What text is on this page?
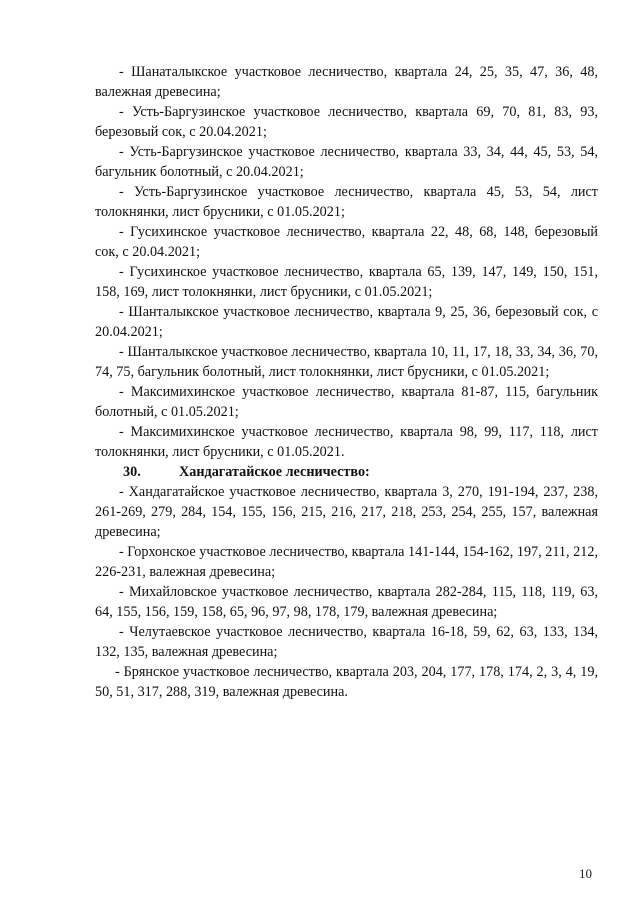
- Шанаталыкское участковое лесничество, квартала 24, 25, 35, 47, 36, 48, валежная древесина;

- Усть-Баргузинское участковое лесничество, квартала 69, 70, 81, 83, 93, березовый сок, с 20.04.2021;

- Усть-Баргузинское участковое лесничество, квартала 33, 34, 44, 45, 53, 54, багульник болотный, с 20.04.2021;

- Усть-Баргузинское участковое лесничество, квартала 45, 53, 54, лист толокнянки, лист брусники, с 01.05.2021;

- Гусихинское участковое лесничество, квартала 22, 48, 68, 148, березовый сок, с 20.04.2021;

- Гусихинское участковое лесничество, квартала 65, 139, 147, 149, 150, 151, 158, 169, лист толокнянки, лист брусники, с 01.05.2021;

- Шанталыкское участковое лесничество, квартала 9, 25, 36, березовый сок, с 20.04.2021;

- Шанталыкское участковое лесничество, квартала 10, 11, 17, 18, 33, 34, 36, 70, 74, 75, багульник болотный, лист толокнянки, лист брусники, с 01.05.2021;

- Максимихинское участковое лесничество, квартала 81-87, 115, багульник болотный, с 01.05.2021;

- Максимихинское участковое лесничество, квартала 98, 99, 117, 118, лист толокнянки, лист брусники, с 01.05.2021.

30.	Хандагатайское лесничество:

- Хандагатайское участковое лесничество, квартала 3, 270, 191-194, 237, 238, 261-269, 279, 284, 154, 155, 156, 215, 216, 217, 218, 253, 254, 255, 157, валежная древесина;

- Горхонское участковое лесничество, квартала 141-144, 154-162, 197, 211, 212, 226-231, валежная древесина;

- Михайловское участковое лесничество, квартала 282-284, 115, 118, 119, 63, 64, 155, 156, 159, 158, 65, 96, 97, 98, 178, 179, валежная древесина;

- Челутаевское участковое лесничество, квартала 16-18, 59, 62, 63, 133, 134, 132, 135, валежная древесина;

- Брянское участковое лесничество, квартала 203, 204, 177, 178, 174, 2, 3, 4, 19, 50, 51, 317, 288, 319, валежная древесина.

10
